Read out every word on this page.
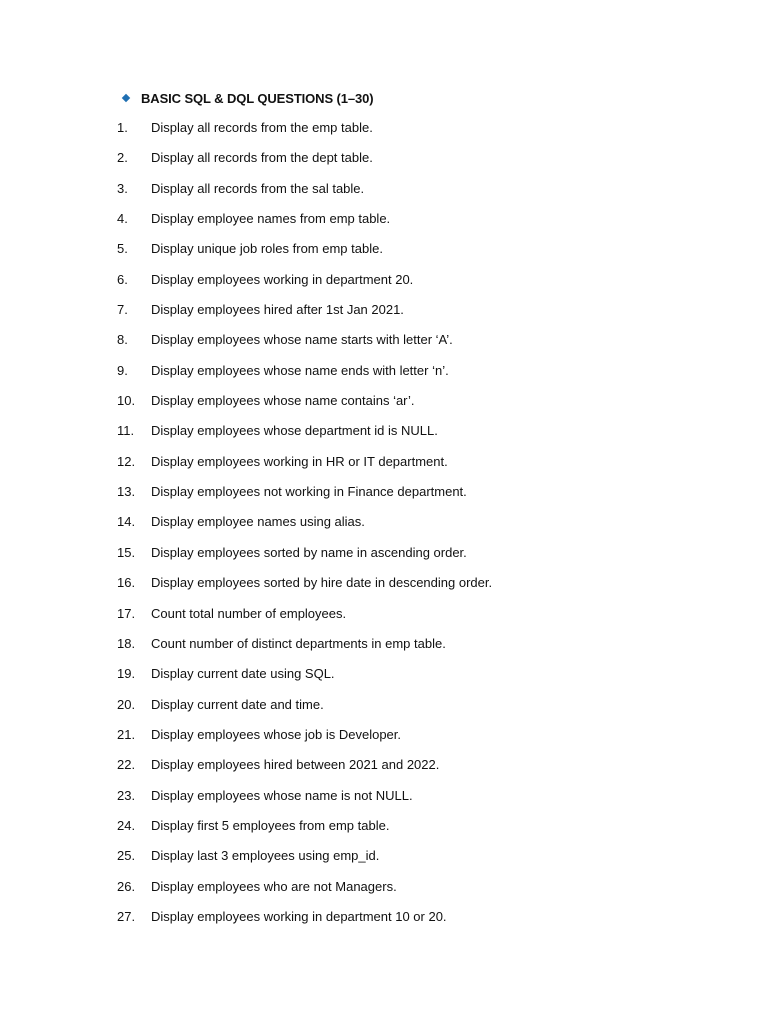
BASIC SQL & DQL QUESTIONS (1–30)
1.	Display all records from the emp table.
2.	Display all records from the dept table.
3.	Display all records from the sal table.
4.	Display employee names from emp table.
5.	Display unique job roles from emp table.
6.	Display employees working in department 20.
7.	Display employees hired after 1st Jan 2021.
8.	Display employees whose name starts with letter ‘A’.
9.	Display employees whose name ends with letter ‘n’.
10.	Display employees whose name contains ‘ar’.
11.	Display employees whose department id is NULL.
12.	Display employees working in HR or IT department.
13.	Display employees not working in Finance department.
14.	Display employee names using alias.
15.	Display employees sorted by name in ascending order.
16.	Display employees sorted by hire date in descending order.
17.	Count total number of employees.
18.	Count number of distinct departments in emp table.
19.	Display current date using SQL.
20.	Display current date and time.
21.	Display employees whose job is Developer.
22.	Display employees hired between 2021 and 2022.
23.	Display employees whose name is not NULL.
24.	Display first 5 employees from emp table.
25.	Display last 3 employees using emp_id.
26.	Display employees who are not Managers.
27.	Display employees working in department 10 or 20.
